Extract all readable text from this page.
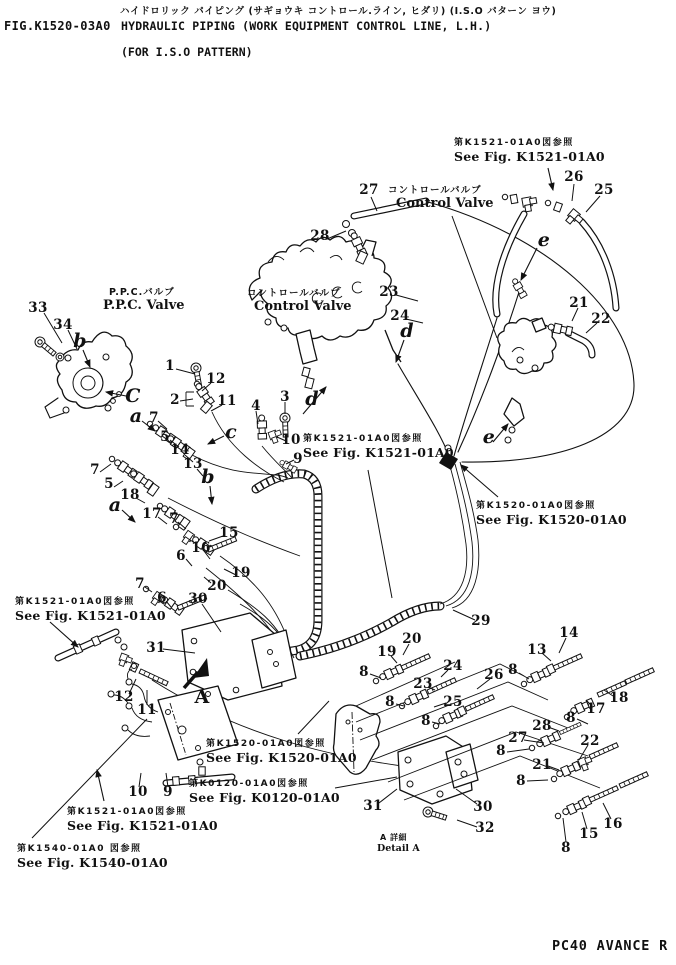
FIG.K1520-03A0
ハイドロリック パイピング (サギョウキ コントロール.ライン, ヒダリ) (I.S.O パターン ヨウ)
HYDRAULIC PIPING (WORK EQUIPMENT CONTROL LINE, L.H.)
(FOR I.S.O PATTERN)
P.P.C.バルブ
P.P.C. Valve
コントロールバルブ
Control Valve
コントロールバルブ
Control Valve
A 詳細
Detail A
第K1521-01A0図参照
See Fig. K1521-01A0
第K1520-01A0図参照
See Fig. K1520-01A0
第K1521-01A0図参照
See Fig. K1521-01A0
第K1521-01A0図参照
See Fig. K1521-01A0
第K1520-01A0図参照
See Fig. K1520-01A0
第K0120-01A0図参照
See Fig. K0120-01A0
第K1521-01A0図参照
See Fig. K1521-01A0
第K1540-01A0 図参照
See Fig. K1540-01A0
33
34
b
1
12
2	11
C
a
c
4
3 d
7
5
14
13
7
5
18
a 17 7
b
15
16
6
19
7	20
6 30
31
10
9
28
27
23
24
d
e
26
25
21
22
e
29
12
11
A
10 9
20
19
8	24
23
26
25
8
8
13
14
8
18
17
8
28
27
8
22
21
8
31	30
32
8
15
16
PC40 AVANCE R
